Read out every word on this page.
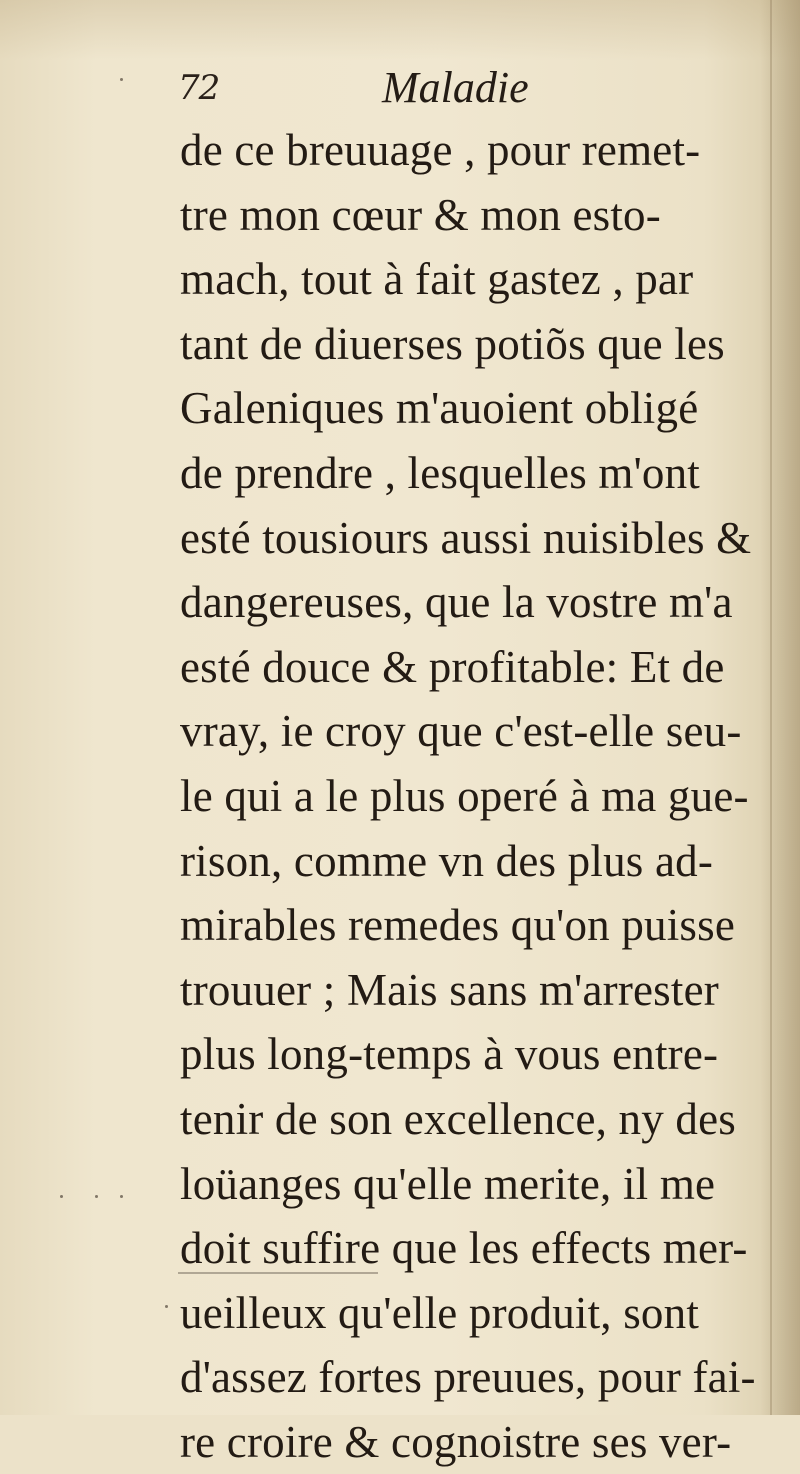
72	Maladie
de ce breuuage , pour remet-
tre mon cœur & mon esto-
mach, tout à fait gastez , par
tant de diuerses potiõs que les
Galeniques m'auoient obligé
de prendre , lesquelles m'ont
esté tousiours aussi nuisibles &
dangereuses, que la vostre m'a
esté douce & profitable: Et de
vray, ie croy que c'est-elle seu-
le qui a le plus operé à ma gue-
rison, comme vn des plus ad-
mirables remedes qu'on puisse
trouuer ; Mais sans m'arrester
plus long-temps à vous entre-
tenir de son excellence, ny des
loüanges qu'elle merite, il me
doit suffire que les effects mer-
ueilleux qu'elle produit, sont
d'assez fortes preuues, pour fai-
re croire & cognoistre ses ver-
